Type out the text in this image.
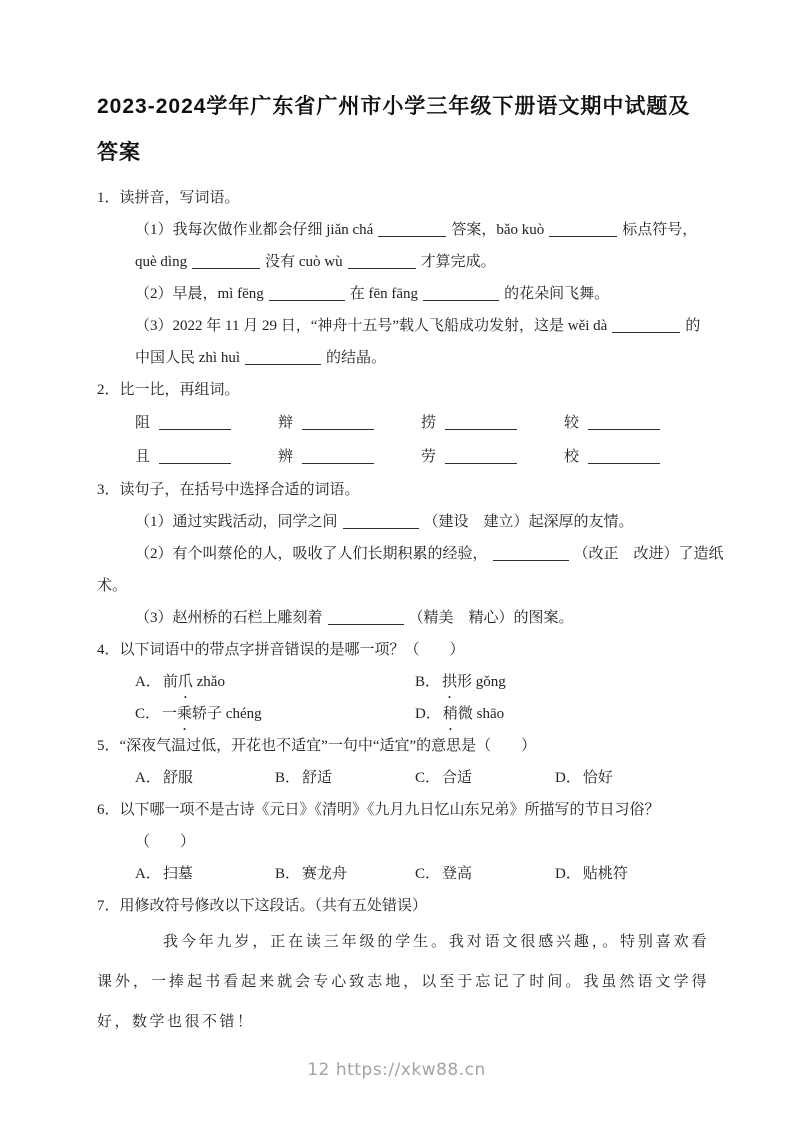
2023-2024学年广东省广州市小学三年级下册语文期中试题及答案
1．读拼音，写词语。
（1）我每次做作业都会仔细 jiǎn chá	答案，bǎo kuò	标点符号，
què dìng	没有 cuò wù	才算完成。
（2）早晨，mì fēng	在 fēn fāng	的花朵间飞舞。
（3）2022 年 11 月 29 日，“神舟十五号”载人飞船成功发射，这是 wěi dà	的
中国人民 zhì huì	的结晶。
2．比一比，再组词。
阻	辩	捞	较
且	辨	劳	校
3．读句子，在括号中选择合适的词语。
（1）通过实践活动，同学之间	（建设　建立）起深厚的友情。
（2）有个叫蔡伦的人，吸收了人们长期积累的经验，	（改正　改进）了造纸
术。
（3）赵州桥的石栏上雕刻着	（精美　精心）的图案。
4．以下词语中的带点字拼音错误的是哪一项？（　　）
A． 前爪 zhǎo	B． 拱形 gǒng
C． 一乘轿子 chéng	D． 稍微 shāo
5．“深夜气温过低，开花也不适宜”一句中“适宜”的意思是（　　）
A． 舒服	B． 舒适	C． 合适	D． 恰好
6．以下哪一项不是古诗《元日》《清明》《九月九日忆山东兄弟》所描写的节日习俗？
（　　）
A． 扫墓	B． 赛龙舟	C． 登高	D． 贴桃符
7．用修改符号修改以下这段话。（共有五处错误）
我今年九岁，正在读三年级的学生。我对语文很感兴趣，。特别喜欢看课外，一捧起书看起来就会专心致志地，以至于忘记了时间。我虽然语文学得好，数学也很不错！
12 https://xkw88.cn
